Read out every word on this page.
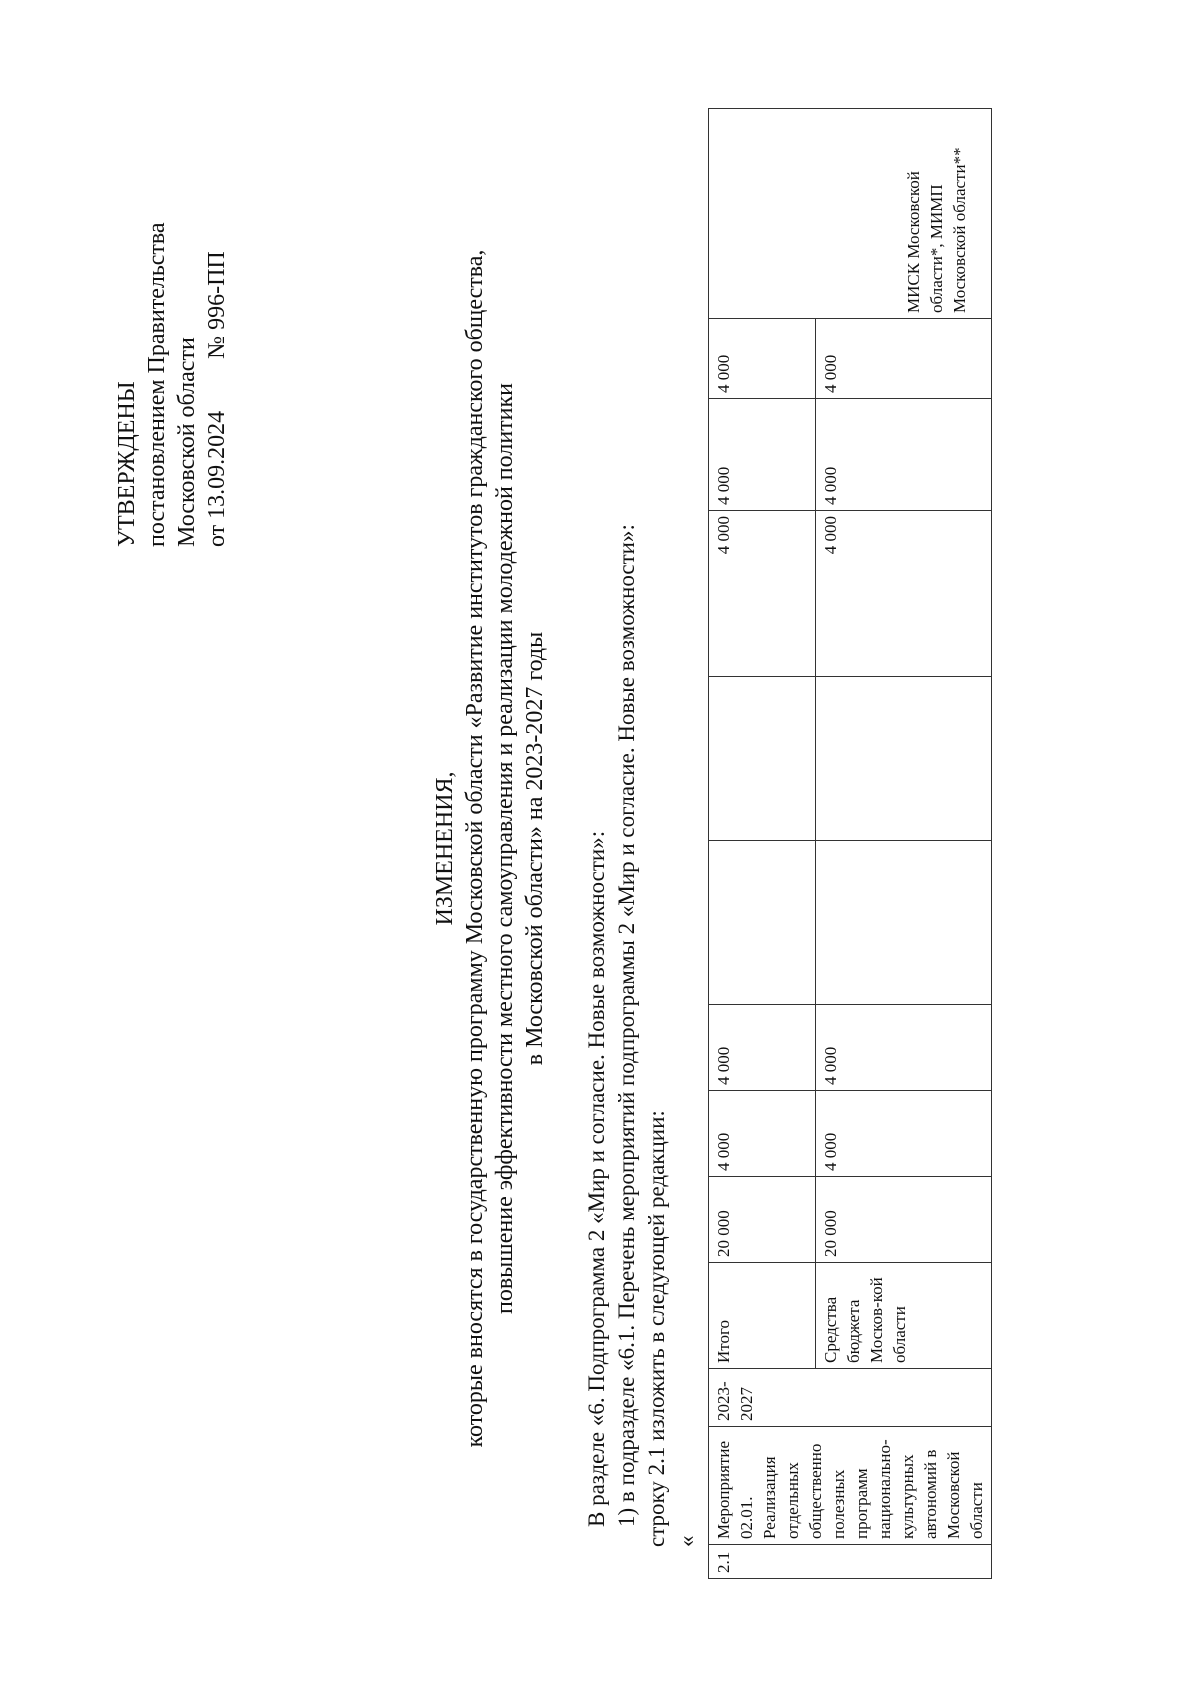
УТВЕРЖДЕНЫ постановлением Правительства Московской области от 13.09.2024  № 996-ПП
ИЗМЕНЕНИЯ, которые вносятся в государственную программу Московской области «Развитие институтов гражданского общества, повышение эффективности местного самоуправления и реализации молодежной политики в Московской области» на 2023-2027 годы В разделе «6. Подпрограмма 2 «Мир и согласие. Новые возможности»: 1) в подразделе «6.1. Перечень мероприятий подпрограммы 2 «Мир и согласие. Новые возможности»: строку 2.1 изложить в следующей редакции: «
2.1	Мероприятие 02.01. Реализация отдельных общественно полезных программ национально-культурных автономий в Московской области	2023-2027	Итого	20 000	4 000	4 000			4 000	4 000	4 000	МИСК Московской области*, МИМП Московской области**
			Средства бюджета Москов-кой области	20 000	4 000	4 000			4 000	4 000	4 000	
